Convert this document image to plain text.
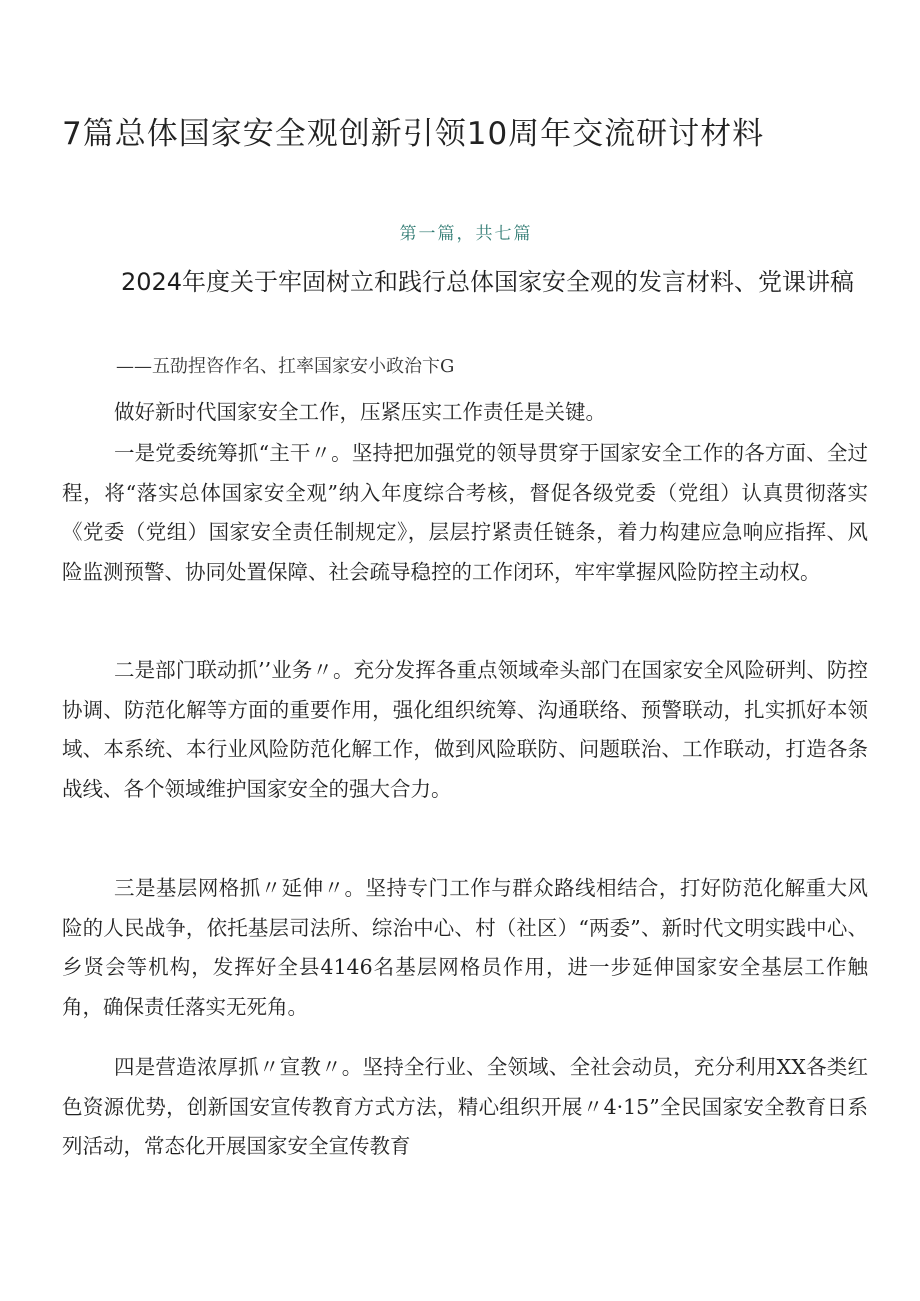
7篇总体国家安全观创新引领10周年交流研讨材料
第一篇，共七篇
2024年度关于牢固树立和践行总体国家安全观的发言材料、党课讲稿
——五劭捏咨作名、扛率国家安小政治卞G

做好新时代国家安全工作，压紧压实工作责任是关键。

一是党委统筹抓“主干〃。坚持把加强党的领导贯穿于国家安全工作的各方面、全过程，将“落实总体国家安全观”纳入年度综合考核，督促各级党委（党组）认真贯彻落实《党委（党组）国家安全责任制规定》，层层拧紧责任链条，着力构建应急响应指挥、风险监测预警、协同处置保障、社会疏导稳控的工作闭环，牢牢掌握风险防控主动权。

二是部门联动抓’’业务〃。充分发挥各重点领域牵头部门在国家安全风险研判、防控协调、防范化解等方面的重要作用，强化组织统筹、沟通联络、预警联动，扎实抓好本领域、本系统、本行业风险防范化解工作，做到风险联防、问题联治、工作联动，打造各条战线、各个领域维护国家安全的强大合力。

三是基层网格抓〃延伸〃。坚持专门工作与群众路线相结合，打好防范化解重大风险的人民战争，依托基层司法所、综治中心、村（社区）“两委”、新时代文明实践中心、乡贤会等机构，发挥好全县4146名基层网格员作用，进一步延伸国家安全基层工作触角，确保责任落实无死角。

四是营造浓厚抓〃宣教〃。坚持全行业、全领域、全社会动员，充分利用XX各类红色资源优势，创新国安宣传教育方式方法，精心组织开展〃4·15”全民国家安全教育日系列活动，常态化开展国家安全宣传教育
